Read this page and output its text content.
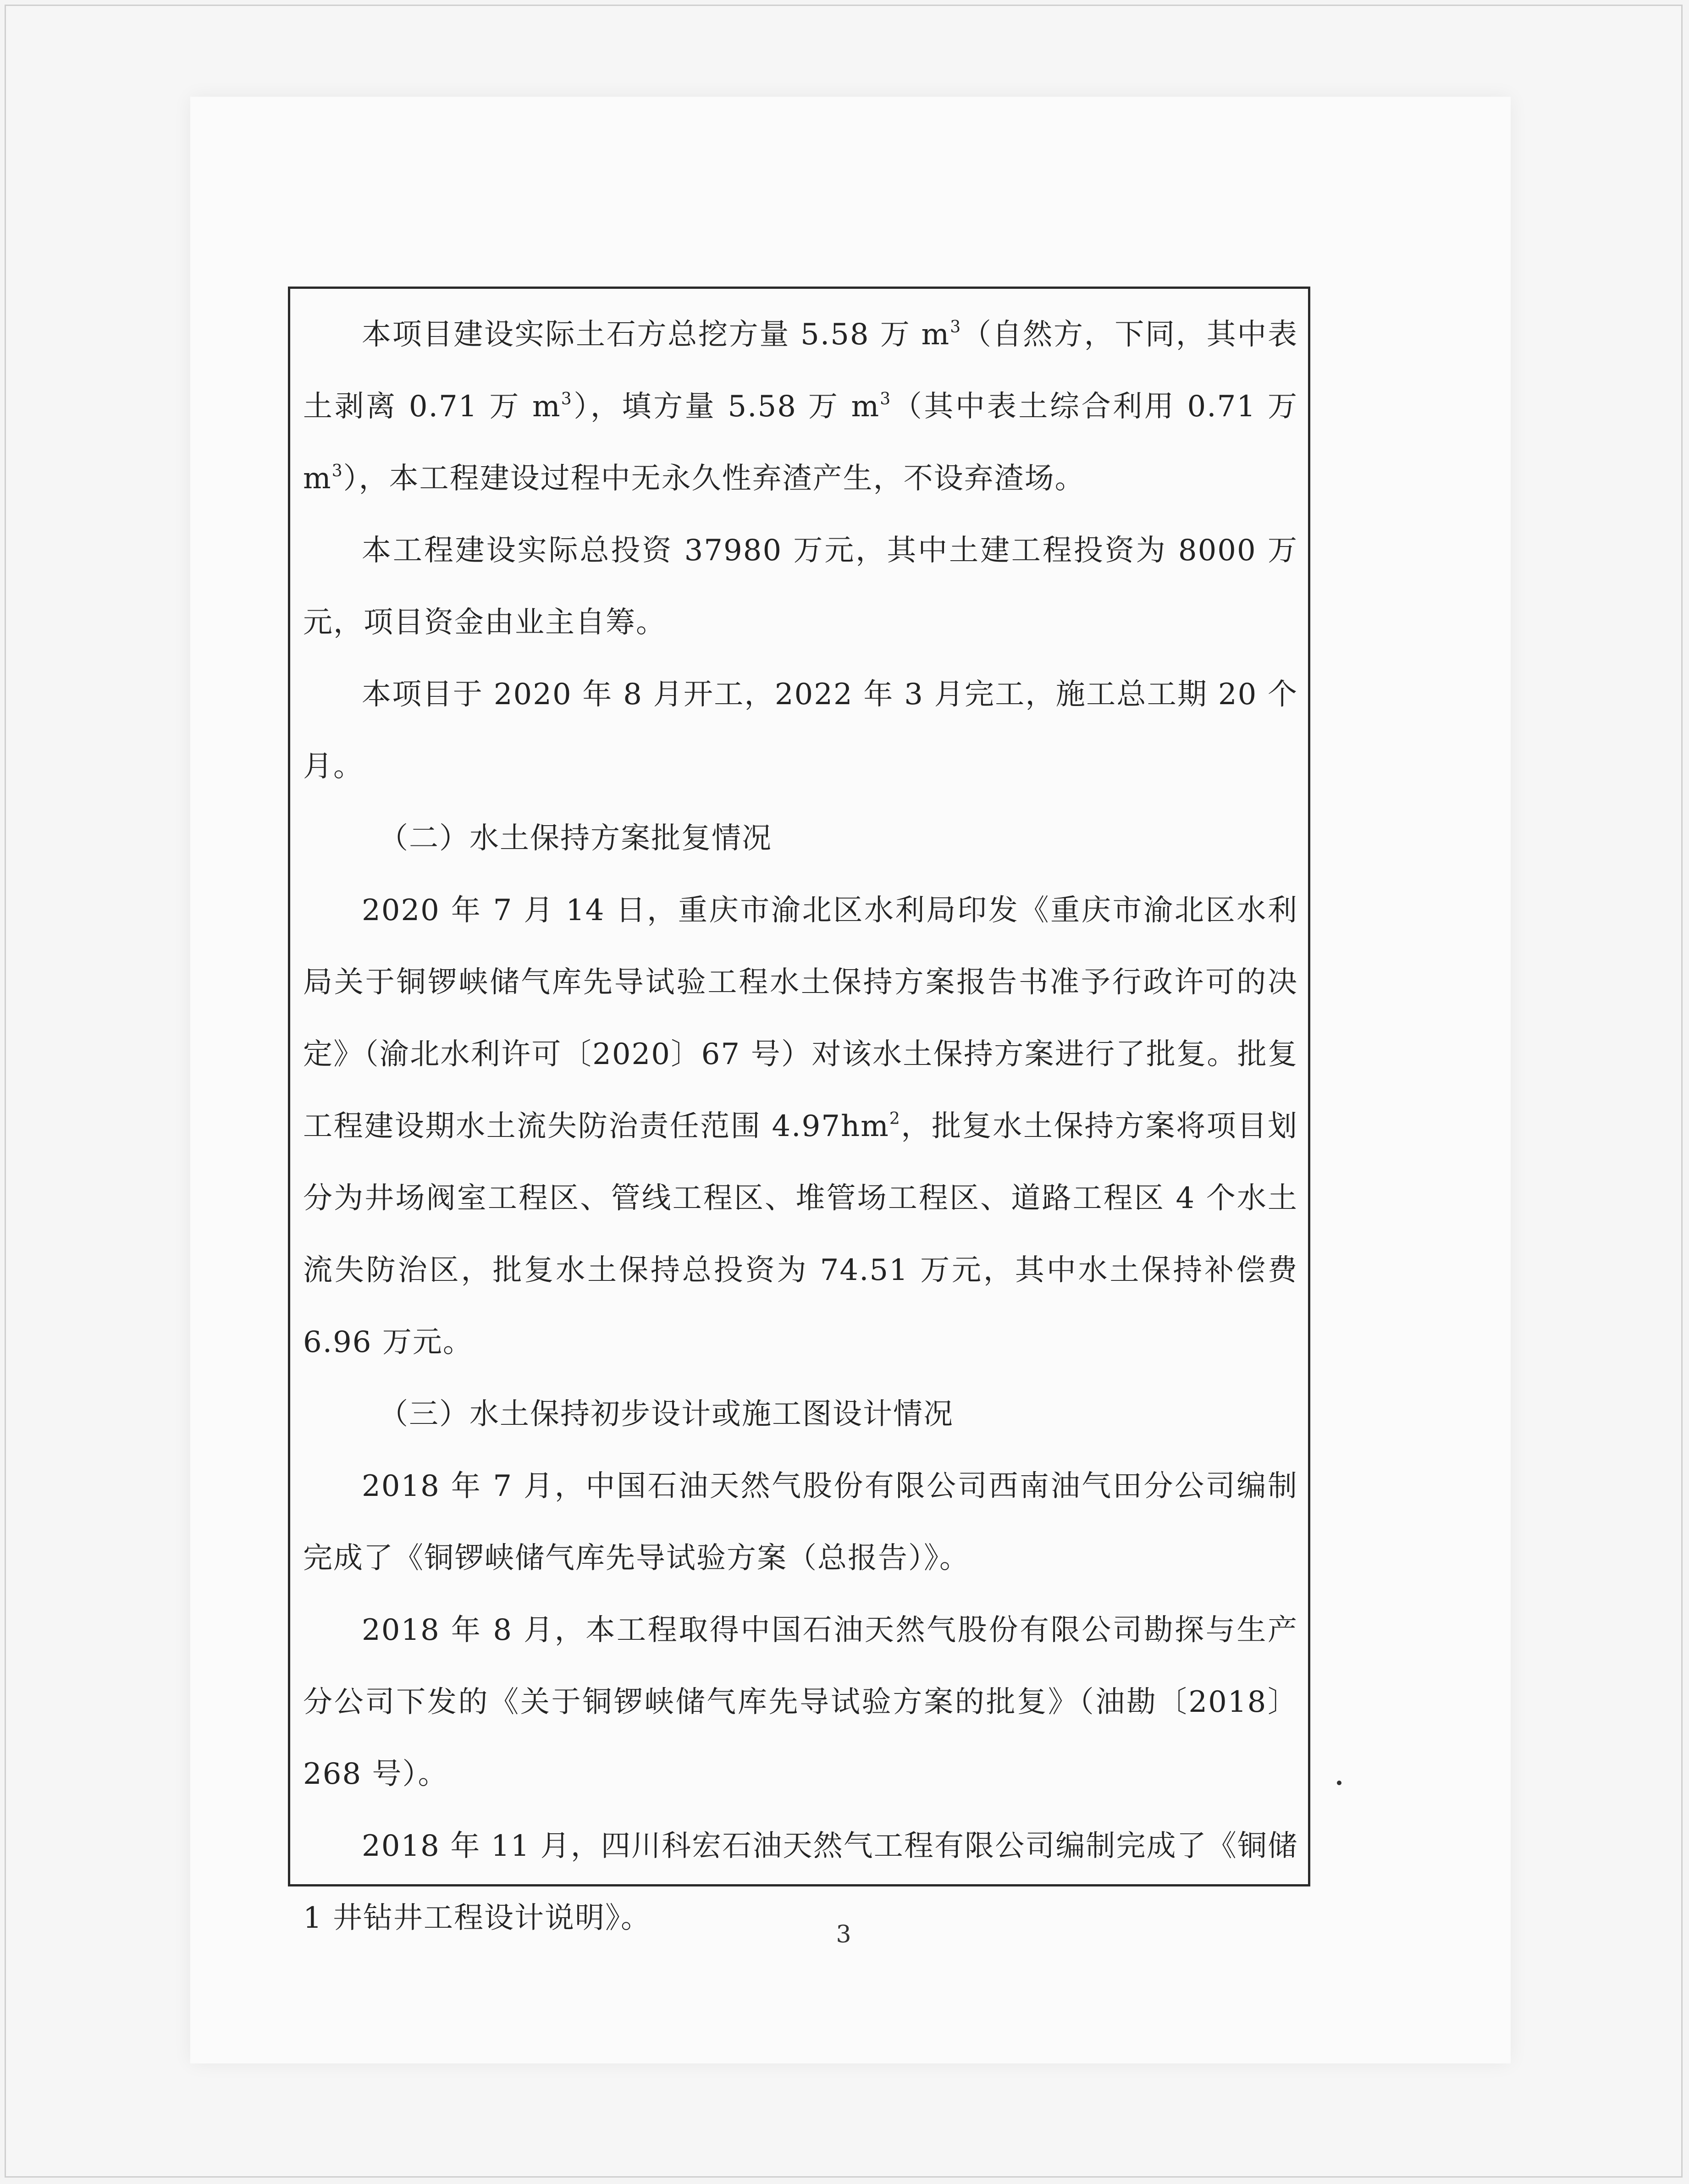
本项目建设实际土石方总挖方量 5.58 万 $m^3$（自然方，下同，其中表土剥离 0.71 万 $m^3$），填方量 5.58 万 $m^3$（其中表土综合利用 0.71 万 $m^3$），本工程建设过程中无永久性弃渣产生，不设弃渣场。

本工程建设实际总投资 37980 万元，其中土建工程投资为 8000 万元，项目资金由业主自筹。

本项目于 2020 年 8 月开工，2022 年 3 月完工，施工总工期 20 个月。

（二）水土保持方案批复情况

2020 年 7 月 14 日，重庆市渝北区水利局印发《重庆市渝北区水利局关于铜锣峡储气库先导试验工程水土保持方案报告书准予行政许可的决定》（渝北水利许可〔2020〕67 号）对该水土保持方案进行了批复。批复工程建设期水土流失防治责任范围 $4.97hm^2$，批复水土保持方案将项目划分为井场阀室工程区、管线工程区、堆管场工程区、道路工程区 4 个水土流失防治区，批复水土保持总投资为 74.51 万元，其中水土保持补偿费 6.96 万元。

（三）水土保持初步设计或施工图设计情况

2018 年 7 月，中国石油天然气股份有限公司西南油气田分公司编制完成了《铜锣峡储气库先导试验方案（总报告）》。

2018 年 8 月，本工程取得中国石油天然气股份有限公司勘探与生产分公司下发的《关于铜锣峡储气库先导试验方案的批复》（油勘〔2018〕268 号）。

2018 年 11 月，四川科宏石油天然气工程有限公司编制完成了《铜储 1 井钻井工程设计说明》。	3
